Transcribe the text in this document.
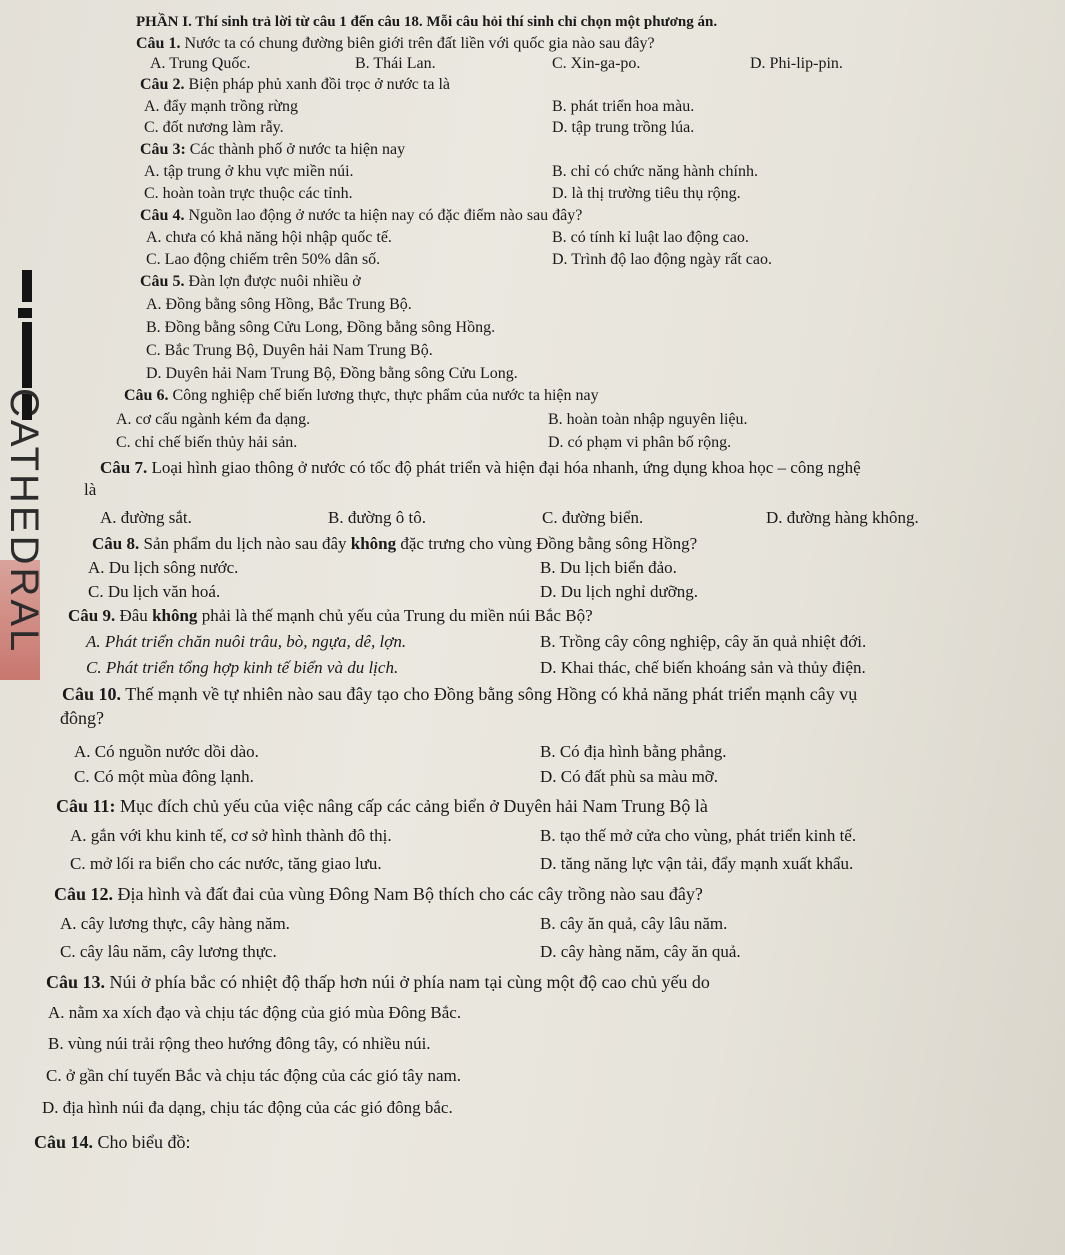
CATHEDRAL
PHẦN I. Thí sinh trả lời từ câu 1 đến câu 18. Mỗi câu hỏi thí sinh chỉ chọn một phương án.
Câu 1. Nước ta có chung đường biên giới trên đất liền với quốc gia nào sau đây?
A. Trung Quốc.	B. Thái Lan.	C. Xin-ga-po.	D. Phi-lip-pin.
Câu 2. Biện pháp phủ xanh đồi trọc ở nước ta là
A. đẩy mạnh trồng rừng	B. phát triển hoa màu.
C. đốt nương làm rẫy.	D. tập trung trồng lúa.
Câu 3: Các thành phố ở nước ta hiện nay
A. tập trung ở khu vực miền núi.	B. chỉ có chức năng hành chính.
C. hoàn toàn trực thuộc các tỉnh.	D. là thị trường tiêu thụ rộng.
Câu 4. Nguồn lao động ở nước ta hiện nay có đặc điểm nào sau đây?
A. chưa có khả năng hội nhập quốc tế.	B. có tính kỉ luật lao động cao.
C. Lao động chiếm trên 50% dân số.	D. Trình độ lao động ngày rất cao.
Câu 5. Đàn lợn được nuôi nhiều ở
A. Đồng bằng sông Hồng, Bắc Trung Bộ.
B. Đồng bằng sông Cửu Long, Đồng bằng sông Hồng.
C. Bắc Trung Bộ, Duyên hải Nam Trung Bộ.
D. Duyên hải Nam Trung Bộ, Đồng bằng sông Cửu Long.
Câu 6. Công nghiệp chế biến lương thực, thực phẩm của nước ta hiện nay
A. cơ cấu ngành kém đa dạng.	B. hoàn toàn nhập nguyên liệu.
C. chỉ chế biến thủy hải sản.	D. có phạm vi phân bố rộng.
Câu 7. Loại hình giao thông ở nước có tốc độ phát triển và hiện đại hóa nhanh, ứng dụng khoa học – công nghệ
là
A. đường sắt.	B. đường ô tô.	C. đường biển.	D. đường hàng không.
Câu 8. Sản phẩm du lịch nào sau đây không đặc trưng cho vùng Đồng bằng sông Hồng?
A. Du lịch sông nước.	B. Du lịch biển đảo.
C. Du lịch văn hoá.	D. Du lịch nghỉ dưỡng.
Câu 9. Đâu không phải là thế mạnh chủ yếu của Trung du miền núi Bắc Bộ?
A. Phát triển chăn nuôi trâu, bò, ngựa, dê, lợn.	B. Trồng cây công nghiệp, cây ăn quả nhiệt đới.
C. Phát triển tổng hợp kinh tế biển và du lịch.	D. Khai thác, chế biến khoáng sản và thủy điện.
Câu 10. Thế mạnh về tự nhiên nào sau đây tạo cho Đồng bằng sông Hồng có khả năng phát triển mạnh cây vụ
đông?
A. Có nguồn nước dồi dào.	B. Có địa hình bằng phẳng.
C. Có một mùa đông lạnh.	D. Có đất phù sa màu mỡ.
Câu 11: Mục đích chủ yếu của việc nâng cấp các cảng biển ở Duyên hải Nam Trung Bộ là
A. gắn với khu kinh tế, cơ sở hình thành đô thị.	B. tạo thế mở cửa cho vùng, phát triển kinh tế.
C. mở lối ra biển cho các nước, tăng giao lưu.	D. tăng năng lực vận tải, đẩy mạnh xuất khẩu.
Câu 12. Địa hình và đất đai của vùng Đông Nam Bộ thích cho các cây trồng nào sau đây?
A. cây lương thực, cây hàng năm.	B. cây ăn quả, cây lâu năm.
C. cây lâu năm, cây lương thực.	D. cây hàng năm, cây ăn quả.
Câu 13. Núi ở phía bắc có nhiệt độ thấp hơn núi ở phía nam tại cùng một độ cao chủ yếu do
A. nằm xa xích đạo và chịu tác động của gió mùa Đông Bắc.
B. vùng núi trải rộng theo hướng đông tây, có nhiều núi.
C. ở gần chí tuyến Bắc và chịu tác động của các gió tây nam.
D. địa hình núi đa dạng, chịu tác động của các gió đông bắc.
Câu 14. Cho biểu đồ:
